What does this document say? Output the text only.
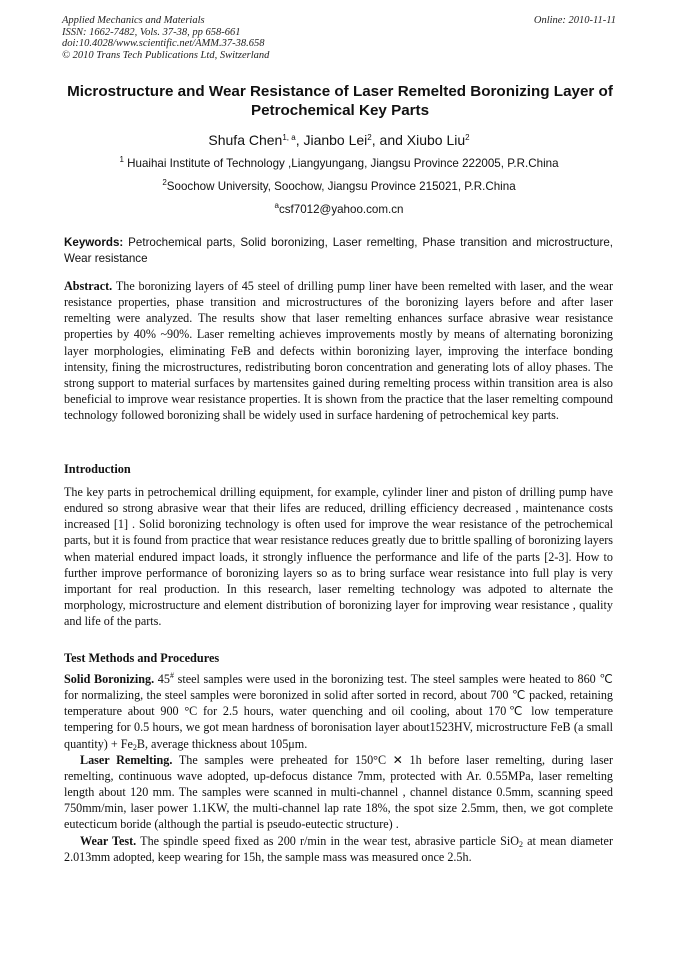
Applied Mechanics and Materials
ISSN: 1662-7482, Vols. 37-38, pp 658-661
doi:10.4028/www.scientific.net/AMM.37-38.658
© 2010 Trans Tech Publications Ltd, Switzerland
Online: 2010-11-11
Microstructure and Wear Resistance of Laser Remelted Boronizing Layer of Petrochemical Key Parts
Shufa Chen$^{1, a}$, Jianbo Lei$^2$, and Xiubo Liu$^2$
$^1$ Huaihai Institute of Technology ,Liangyungang, Jiangsu Province 222005, P.R.China
$^2$Soochow University, Soochow, Jiangsu Province 215021, P.R.China
$^a$csf7012@yahoo.com.cn
Keywords: Petrochemical parts, Solid boronizing, Laser remelting, Phase transition and microstructure, Wear resistance
Abstract. The boronizing layers of 45 steel of drilling pump liner have been remelted with laser, and the wear resistance properties, phase transition and microstructures of the boronizing layers before and after laser remelting were analyzed. The results show that laser remelting enhances surface abrasive wear resistance properties by 40% ~90%. Laser remelting achieves improvements mostly by means of alternating boronizing layer morphologies, eliminating FeB and defects within boronizing layer, improving the interface bonding intensity, fining the microstructures, redistributing boron concentration and generating lots of alloy phases. The strong support to material surfaces by martensites gained during remelting process within transition area is also beneficial to improve wear resistance properties. It is shown from the practice that the laser remelting compound technology followed boronizing shall be widely used in surface hardening of petrochemical key parts.
Introduction
The key parts in petrochemical drilling equipment, for example, cylinder liner and piston of drilling pump have endured so strong abrasive wear that their lifes are reduced, drilling efficiency decreased , maintenance costs increased [1] . Solid boronizing technology is often used for improve the wear resistance of the petrochemical parts, but it is found from practice that wear resistance reduces greatly due to brittle spalling of boronizing layers when material endured impact loads, it strongly influence the performance and life of the parts [2-3]. How to further improve performance of boronizing layers so as to bring surface wear resistance into full play is very important for real production. In this research, laser remelting technology was adpoted to alternate the morphology, microstructure and element distribution of boronizing layer for improving wear resistance , quality and life of the parts.
Test Methods and Procedures

Solid Boronizing. 45# steel samples were used in the boronizing test. The steel samples were heated to 860 ℃ for normalizing, the steel samples were boronized in solid after sorted in record, about 700 ℃ packed, retaining temperature about 900 °C for 2.5 hours, water quenching and oil cooling, about 170℃ low temperature tempering for 0.5 hours, we got mean hardness of boronisation layer about1523HV, microstructure FeB (a small quantity) + $Fe_2B$, average thickness about 105μm.

Laser Remelting. The samples were preheated for 150°C ✕ 1h before laser remelting, during laser remelting, continuous wave adopted, up-defocus distance 7mm, protected with Ar. 0.55MPa, laser remelting length about 120 mm. The samples were scanned in multi-channel , channel distance 0.5mm, scanning speed 750mm/min, laser power 1.1KW, the multi-channel lap rate 18%, the spot size 2.5mm, then, we got complete eutecticum boride (although the partial is pseudo-eutectic structure) .

Wear Test. The spindle speed fixed as 200 r/min in the wear test, abrasive particle SiO$_2$ at mean diameter 2.013mm adopted, keep wearing for 15h, the sample mass was measured once 2.5h.
